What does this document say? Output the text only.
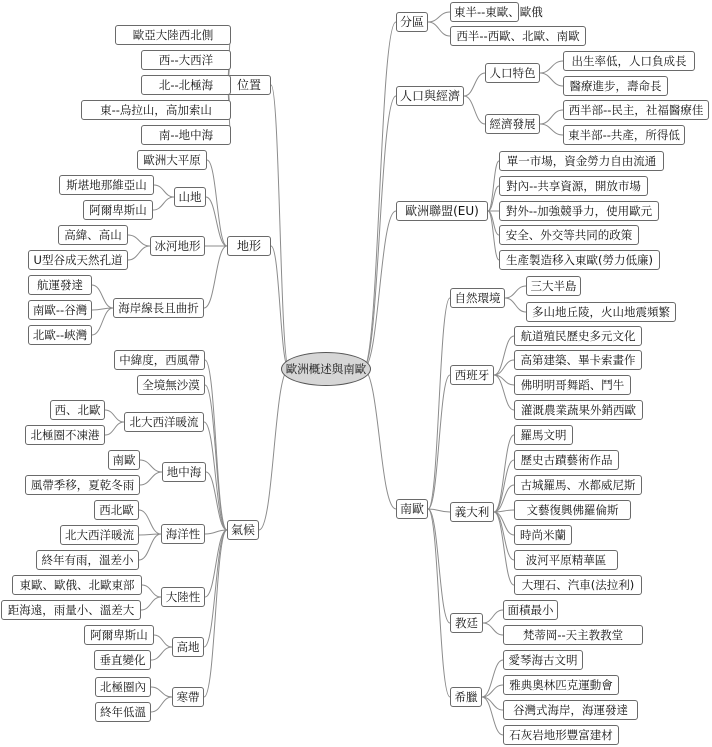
位置
歐亞大陸西北側
西--大西洋
北--北極海
東--烏拉山，高加索山
南--地中海
地形
歐洲大平原
山地
斯堪地那維亞山
阿爾卑斯山
冰河地形
高緯、高山
U型谷成天然孔道
海岸線長且曲折
航運發達
南歐--谷灣
北歐--峽灣
氣候
中緯度，西風帶
全境無沙漠
北大西洋暖流
西、北歐
北極圈不凍港
地中海
南歐
風帶季移，夏乾冬雨
海洋性
西北歐
北大西洋暖流
終年有雨，溫差小
大陸性
東歐、歐俄、北歐東部
距海遠，雨量小、溫差大
高地
阿爾卑斯山
垂直變化
寒帶
北極圈內
終年低溫
分區
東半--東歐、歐俄
西半--西歐、北歐、南歐
人口與經濟
人口特色
出生率低，人口負成長
醫療進步，壽命長
經濟發展
西半部--民主，社福醫療佳
東半部--共產，所得低
歐洲聯盟(EU)
單一市場，資金勞力自由流通
對內--共享資源，開放市場
對外--加強競爭力，使用歐元
安全、外交等共同的政策
生產製造移入東歐(勞力低廉)
南歐
自然環境
三大半島
多山地丘陵，火山地震頻繁
西班牙
航道殖民歷史多元文化
高第建築、畢卡索畫作
佛明明哥舞蹈、鬥牛
灌溉農業蔬果外銷西歐
義大利
羅馬文明
歷史古蹟藝術作品
古城羅馬、水都威尼斯
文藝復興佛羅倫斯
時尚米蘭
波河平原精華區
大理石、汽車(法拉利)
教廷
面積最小
梵蒂岡--天主教教堂
希臘
愛琴海古文明
雅典奧林匹克運動會
谷灣式海岸，海運發達
石灰岩地形豐富建材
歐洲概述與南歐
